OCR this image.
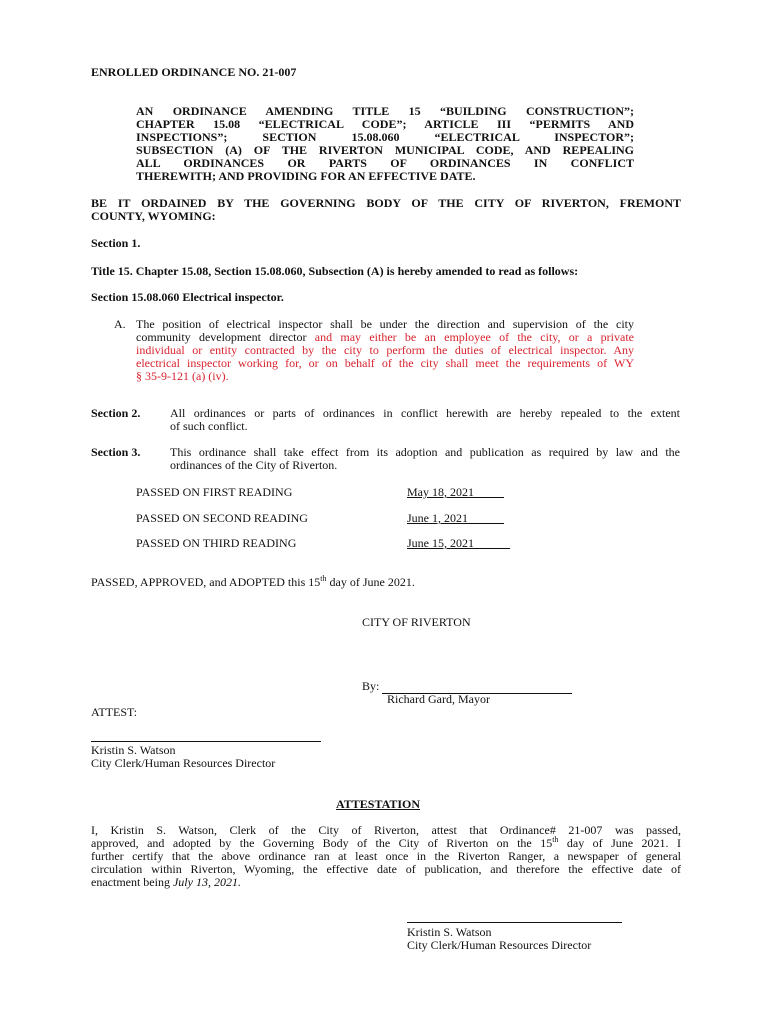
ENROLLED ORDINANCE NO. 21-007
AN ORDINANCE AMENDING TITLE 15 “BUILDING CONSTRUCTION”;
CHAPTER 15.08 “ELECTRICAL CODE”; ARTICLE III “PERMITS AND
INSPECTIONS”; SECTION 15.08.060 “ELECTRICAL INSPECTOR”;
SUBSECTION (A) OF THE RIVERTON MUNICIPAL CODE, AND REPEALING
ALL ORDINANCES OR PARTS OF ORDINANCES IN CONFLICT
THEREWITH; AND PROVIDING FOR AN EFFECTIVE DATE.
BE IT ORDAINED BY THE GOVERNING BODY OF THE CITY OF RIVERTON, FREMONT
COUNTY, WYOMING:
Section 1.
Title 15. Chapter 15.08, Section 15.08.060, Subsection (A) is hereby amended to read as follows:
Section 15.08.060 Electrical inspector.
A. The position of electrical inspector shall be under the direction and supervision of the city
community development director and may either be an employee of the city, or a private
individual or entity contracted by the city to perform the duties of electrical inspector. Any
electrical inspector working for, or on behalf of the city shall meet the requirements of WY
§ 35-9-121 (a) (iv).
Section 2. All ordinances or parts of ordinances in conflict herewith are hereby repealed to the extent
of such conflict.
Section 3. This ordinance shall take effect from its adoption and publication as required by law and the
ordinances of the City of Riverton.
PASSED ON FIRST READING	May 18, 2021_____
PASSED ON SECOND READING	June 1, 2021______
PASSED ON THIRD READING	June 15, 2021______
PASSED, APPROVED, and ADOPTED this 15th day of June 2021.
CITY OF RIVERTON
By:
Richard Gard, Mayor
ATTEST:
Kristin S. Watson
City Clerk/Human Resources Director
ATTESTATION
I, Kristin S. Watson, Clerk of the City of Riverton, attest that Ordinance# 21-007 was passed,
approved, and adopted by the Governing Body of the City of Riverton on the 15th day of June 2021. I
further certify that the above ordinance ran at least once in the Riverton Ranger, a newspaper of general
circulation within Riverton, Wyoming, the effective date of publication, and therefore the effective date of
enactment being July 13, 2021.
Kristin S. Watson
City Clerk/Human Resources Director
